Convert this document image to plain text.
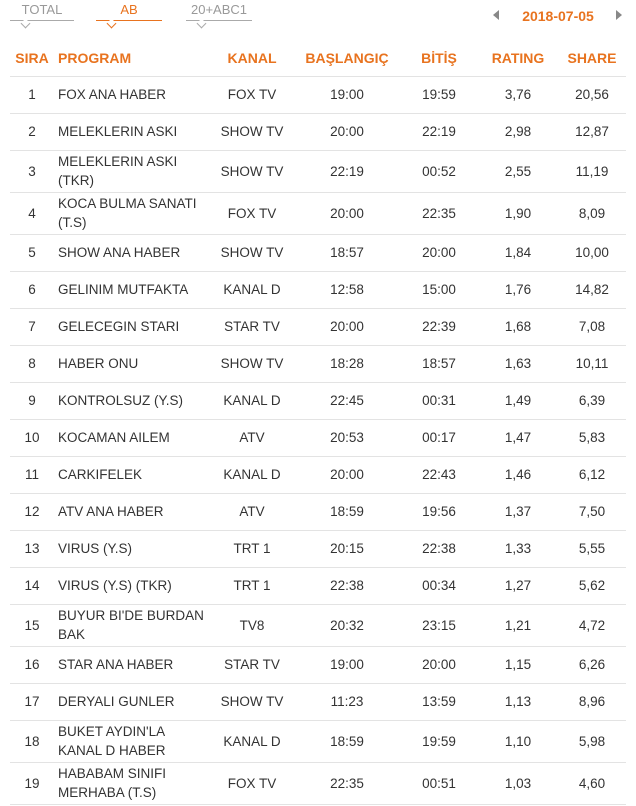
TOTAL	AB	20+ABC1	2018-07-05
SIRA	PROGRAM	KANAL	BAŞLANGIÇ	BİTİŞ	RATING	SHARE
1	FOX ANA HABER	FOX TV	19:00	19:59	3,76	20,56
2	MELEKLERIN ASKI	SHOW TV	20:00	22:19	2,98	12,87
3	MELEKLERIN ASKI (TKR)	SHOW TV	22:19	00:52	2,55	11,19
4	KOCA BULMA SANATI (T.S)	FOX TV	20:00	22:35	1,90	8,09
5	SHOW ANA HABER	SHOW TV	18:57	20:00	1,84	10,00
6	GELINIM MUTFAKTA	KANAL D	12:58	15:00	1,76	14,82
7	GELECEGIN STARI	STAR TV	20:00	22:39	1,68	7,08
8	HABER ONU	SHOW TV	18:28	18:57	1,63	10,11
9	KONTROLSUZ (Y.S)	KANAL D	22:45	00:31	1,49	6,39
10	KOCAMAN AILEM	ATV	20:53	00:17	1,47	5,83
11	CARKIFELEK	KANAL D	20:00	22:43	1,46	6,12
12	ATV ANA HABER	ATV	18:59	19:56	1,37	7,50
13	VIRUS (Y.S)	TRT 1	20:15	22:38	1,33	5,55
14	VIRUS (Y.S) (TKR)	TRT 1	22:38	00:34	1,27	5,62
15	BUYUR BI'DE BURDAN BAK	TV8	20:32	23:15	1,21	4,72
16	STAR ANA HABER	STAR TV	19:00	20:00	1,15	6,26
17	DERYALI GUNLER	SHOW TV	11:23	13:59	1,13	8,96
18	BUKET AYDIN'LA KANAL D HABER	KANAL D	18:59	19:59	1,10	5,98
19	HABABAM SINIFI MERHABA (T.S)	FOX TV	22:35	00:51	1,03	4,60
